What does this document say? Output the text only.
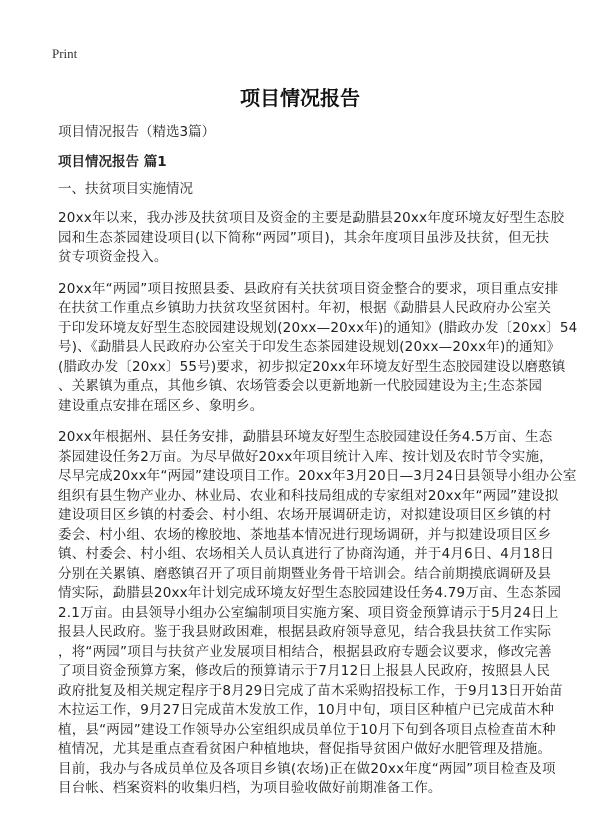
Print
项目情况报告
项目情况报告（精选3篇）
项目情况报告 篇1
一、扶贫项目实施情况
20xx年以来，我办涉及扶贫项目及资金的主要是勐腊县20xx年度环境友好型生态胶
园和生态茶园建设项目(以下简称“两园”项目)，其余年度项目虽涉及扶贫，但无扶
贫专项资金投入。
20xx年“两园”项目按照县委、县政府有关扶贫项目资金整合的要求，项目重点安排
在扶贫工作重点乡镇助力扶贫攻坚贫困村。年初，根据《勐腊县人民政府办公室关
于印发环境友好型生态胶园建设规划(20xx—20xx年)的通知》(腊政办发〔20xx〕54
号)、《勐腊县人民政府办公室关于印发生态茶园建设规划(20xx—20xx年)的通知》
(腊政办发〔20xx〕55号)要求，初步拟定20xx年环境友好型生态胶园建设以磨憨镇
、关累镇为重点，其他乡镇、农场管委会以更新地新一代胶园建设为主;生态茶园
建设重点安排在瑶区乡、象明乡。
20xx年根据州、县任务安排，勐腊县环境友好型生态胶园建设任务4.5万亩、生态
茶园建设任务2万亩。为尽早做好20xx年项目统计入库、按计划及农时节令实施，
尽早完成20xx年“两园”建设项目工作。20xx年3月20日—3月24日县领导小组办公室
组织有县生物产业办、林业局、农业和科技局组成的专家组对20xx年“两园”建设拟
建设项目区乡镇的村委会、村小组、农场开展调研走访，对拟建设项目区乡镇的村
委会、村小组、农场的橡胶地、茶地基本情况进行现场调研，并与拟建设项目区乡
镇、村委会、村小组、农场相关人员认真进行了协商沟通，并于4月6日、4月18日
分别在关累镇、磨憨镇召开了项目前期暨业务骨干培训会。结合前期摸底调研及县
情实际，勐腊县20xx年计划完成环境友好型生态胶园建设任务4.79万亩、生态茶园
2.1万亩。由县领导小组办公室编制项目实施方案、项目资金预算请示于5月24日上
报县人民政府。鉴于我县财政困难，根据县政府领导意见，结合我县扶贫工作实际
，将“两园”项目与扶贫产业发展项目相结合，根据县政府专题会议要求，修改完善
了项目资金预算方案，修改后的预算请示于7月12日上报县人民政府，按照县人民
政府批复及相关规定程序于8月29日完成了苗木采购招投标工作，于9月13日开始苗
木拉运工作，9月27日完成苗木发放工作，10月中旬，项目区种植户已完成苗木种
植，县“两园”建设工作领导办公室组织成员单位于10月下旬到各项目点检查苗木种
植情况，尤其是重点查看贫困户种植地块，督促指导贫困户做好水肥管理及措施。
目前，我办与各成员单位及各项目乡镇(农场)正在做20xx年度“两园”项目检查及项
目台帐、档案资料的收集归档，为项目验收做好前期准备工作。
